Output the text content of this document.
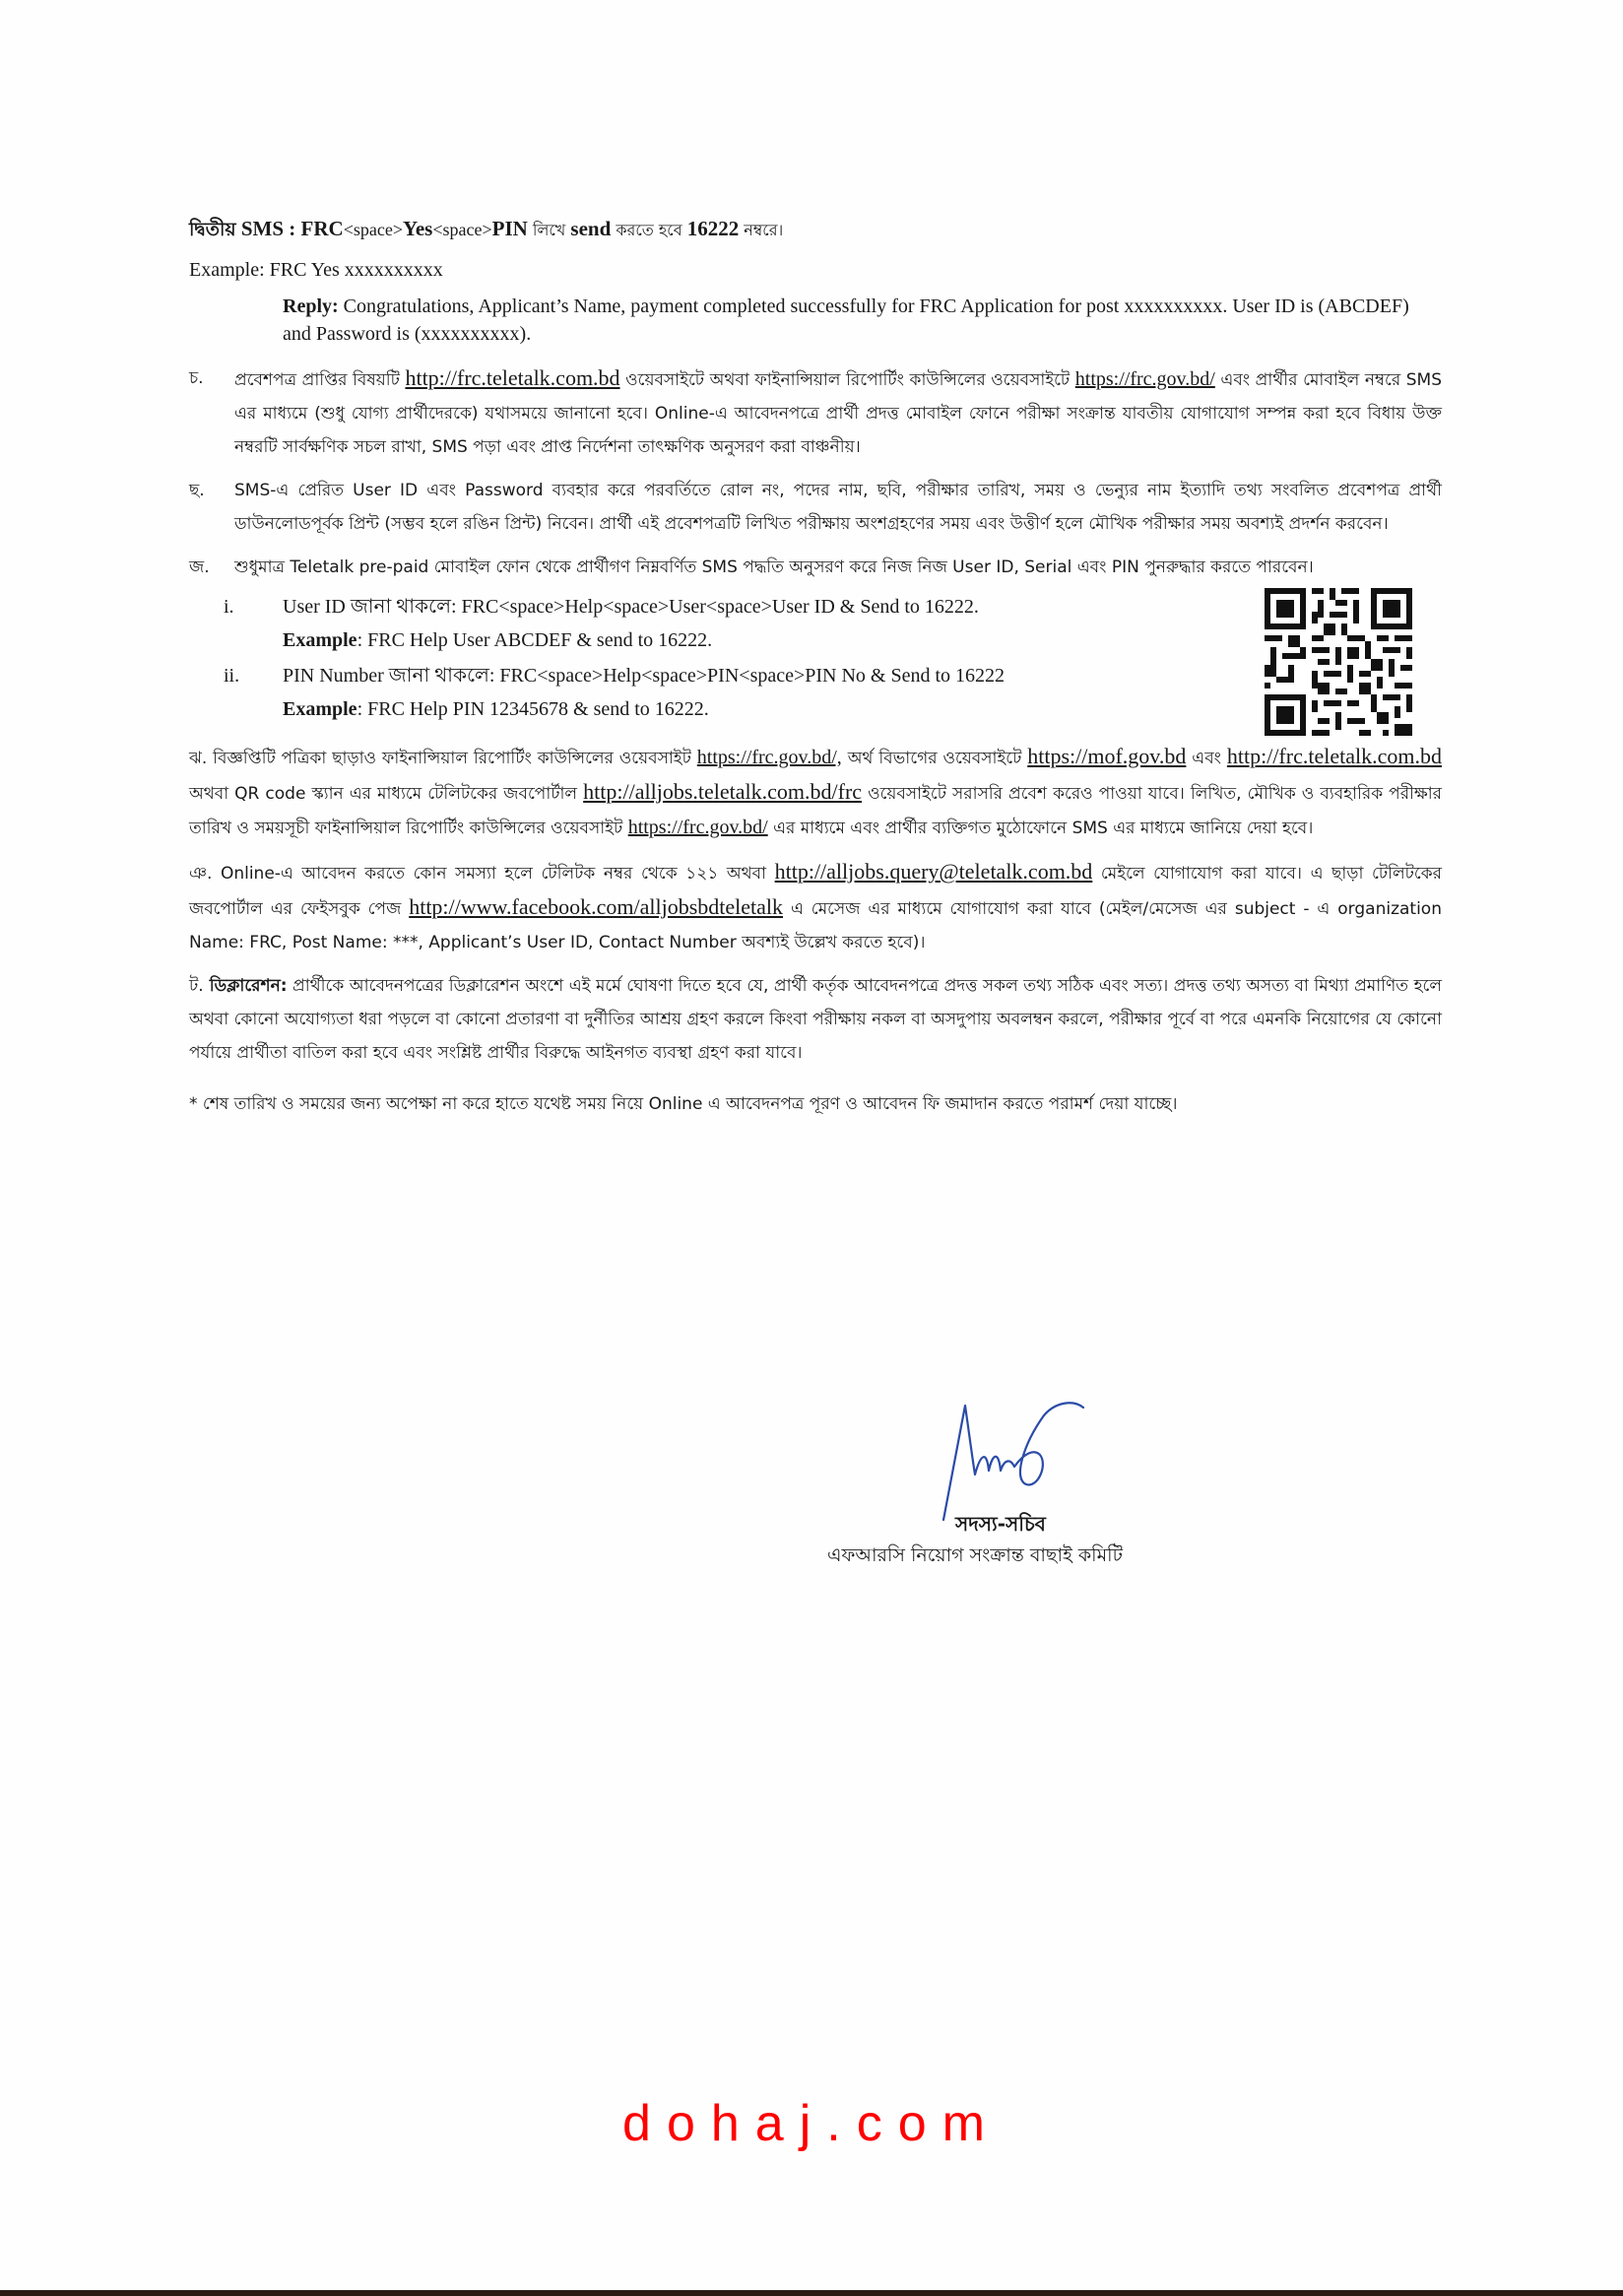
দ্বিতীয় SMS : FRC<space>Yes<space>PIN লিখে send করতে হবে 16222 নম্বরে।
Example: FRC Yes xxxxxxxxxx
Reply: Congratulations, Applicant’s Name, payment completed successfully for FRC Application for post xxxxxxxxxx. User ID is (ABCDEF) and Password is (xxxxxxxxxx).
চ. প্রবেশপত্র প্রাপ্তির বিষয়টি http://frc.teletalk.com.bd ওয়েবসাইটে অথবা ফাইনান্সিয়াল রিপোর্টিং কাউন্সিলের ওয়েবসাইটে https://frc.gov.bd/ এবং প্রার্থীর মোবাইল নম্বরে SMS এর মাধ্যমে (শুধু যোগ্য প্রার্থীদেরকে) যথাসময়ে জানানো হবে। Online-এ আবেদনপত্রে প্রার্থী প্রদত্ত মোবাইল ফোনে পরীক্ষা সংক্রান্ত যাবতীয় যোগাযোগ সম্পন্ন করা হবে বিধায় উক্ত নম্বরটি সার্বক্ষণিক সচল রাখা, SMS পড়া এবং প্রাপ্ত নির্দেশনা তাৎক্ষণিক অনুসরণ করা বাঞ্চনীয়।
ছ. SMS-এ প্রেরিত User ID এবং Password ব্যবহার করে পরবর্তিতে রোল নং, পদের নাম, ছবি, পরীক্ষার তারিখ, সময় ও ভেন্যুর নাম ইত্যাদি তথ্য সংবলিত প্রবেশপত্র প্রার্থী ডাউনলোডপূর্বক প্রিন্ট (সম্ভব হলে রঙিন প্রিন্ট) নিবেন। প্রার্থী এই প্রবেশপত্রটি লিখিত পরীক্ষায় অংশগ্রহণের সময় এবং উত্তীর্ণ হলে মৌখিক পরীক্ষার সময় অবশ্যই প্রদর্শন করবেন।
জ. শুধুমাত্র Teletalk pre-paid মোবাইল ফোন থেকে প্রার্থীগণ নিম্নবর্ণিত SMS পদ্ধতি অনুসরণ করে নিজ নিজ User ID, Serial এবং PIN পুনরুদ্ধার করতে পারবেন।
i. User ID জানা থাকলে: FRC<space>Help<space>User<space>User ID & Send to 16222.
Example: FRC Help User ABCDEF & send to 16222.
ii. PIN Number জানা থাকলে: FRC<space>Help<space>PIN<space>PIN No & Send to 16222
Example: FRC Help PIN 12345678 & send to 16222.
ঝ. বিজ্ঞপ্তিটি পত্রিকা ছাড়াও ফাইনান্সিয়াল রিপোর্টিং কাউন্সিলের ওয়েবসাইট https://frc.gov.bd/, অর্থ বিভাগের ওয়েবসাইটে https://mof.gov.bd এবং http://frc.teletalk.com.bd অথবা QR code স্ক্যান এর মাধ্যমে টেলিটকের জবপোর্টাল http://alljobs.teletalk.com.bd/frc ওয়েবসাইটে সরাসরি প্রবেশ করেও পাওয়া যাবে। লিখিত, মৌখিক ও ব্যবহারিক পরীক্ষার তারিখ ও সময়সূচী ফাইনান্সিয়াল রিপোর্টিং কাউন্সিলের ওয়েবসাইট https://frc.gov.bd/ এর মাধ্যমে এবং প্রার্থীর ব্যক্তিগত মুঠোফোনে SMS এর মাধ্যমে জানিয়ে দেয়া হবে।
ঞ. Online-এ আবেদন করতে কোন সমস্যা হলে টেলিটক নম্বর থেকে ১২১ অথবা http://alljobs.query@teletalk.com.bd মেইলে যোগাযোগ করা যাবে। এ ছাড়া টেলিটকের জবপোর্টাল এর ফেইসবুক পেজ http://www.facebook.com/alljobsbdteletalk এ মেসেজ এর মাধ্যমে যোগাযোগ করা যাবে (মেইল/মেসেজ এর subject - এ organization Name: FRC, Post Name: ***, Applicant’s User ID, Contact Number অবশ্যই উল্লেখ করতে হবে)।
ট. ডিক্লারেশন: প্রার্থীকে আবেদনপত্রের ডিক্লারেশন অংশে এই মর্মে ঘোষণা দিতে হবে যে, প্রার্থী কর্তৃক আবেদনপত্রে প্রদত্ত সকল তথ্য সঠিক এবং সত্য। প্রদত্ত তথ্য অসত্য বা মিথ্যা প্রমাণিত হলে অথবা কোনো অযোগ্যতা ধরা পড়লে বা কোনো প্রতারণা বা দুর্নীতির আশ্রয় গ্রহণ করলে কিংবা পরীক্ষায় নকল বা অসদুপায় অবলম্বন করলে, পরীক্ষার পূর্বে বা পরে এমনকি নিয়োগের যে কোনো পর্যায়ে প্রার্থীতা বাতিল করা হবে এবং সংশ্লিষ্ট প্রার্থীর বিরুদ্ধে আইনগত ব্যবস্থা গ্রহণ করা যাবে।
* শেষ তারিখ ও সময়ের জন্য অপেক্ষা না করে হাতে যথেষ্ট সময় নিয়ে Online এ আবেদনপত্র পূরণ ও আবেদন ফি জমাদান করতে পরামর্শ দেয়া যাচ্ছে।
সদস্য-সচিব
এফআরসি নিয়োগ সংক্রান্ত বাছাই কমিটি
dohaj.com
